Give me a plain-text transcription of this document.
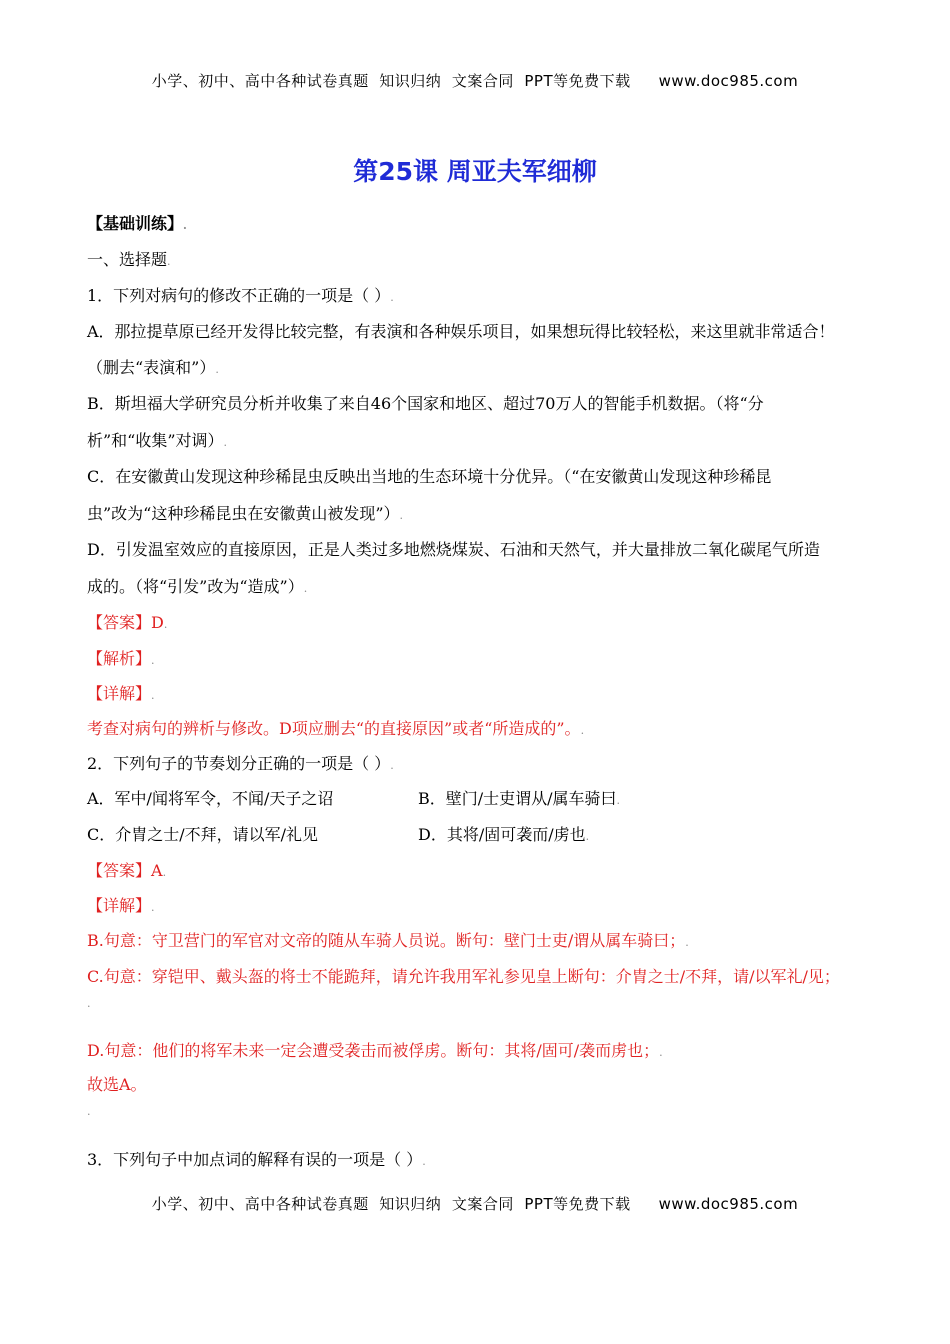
小学、初中、高中各种试卷真题  知识归纳  文案合同  PPT等免费下载 www.doc985.com
第25课 周亚夫军细柳
【基础训练】.
一、选择题.
1．下列对病句的修改不正确的一项是（ ）.
A．那拉提草原已经开发得比较完整，有表演和各种娱乐项目，如果想玩得比较轻松，来这里就非常适合！
（删去“表演和”）.
B．斯坦福大学研究员分析并收集了来自46个国家和地区、超过70万人的智能手机数据。（将“分
析”和“收集”对调）.
C．在安徽黄山发现这种珍稀昆虫反映出当地的生态环境十分优异。（“在安徽黄山发现这种珍稀昆
虫”改为“这种珍稀昆虫在安徽黄山被发现”）.
D．引发温室效应的直接原因，正是人类过多地燃烧煤炭、石油和天然气，并大量排放二氧化碳尾气所造
成的。（将“引发”改为“造成”）.
【答案】D.
【解析】.
【详解】.
考查对病句的辨析与修改。D项应删去“的直接原因”或者“所造成的”。.
2．下列句子的节奏划分正确的一项是（ ）.
A．军中/闻将军令，不闻/天子之诏	B．壁门/士吏谓从/属车骑曰.
C．介胄之士/不拜，请以军/礼见	D．其将/固可袭而/虏也.
【答案】A.
【详解】.
B.句意：守卫营门的军官对文帝的随从车骑人员说。断句：壁门士吏/谓从属车骑曰；.
C.句意：穿铠甲、戴头盔的将士不能跪拜，请允许我用军礼参见皇上断句：介胄之士/不拜，请/以军礼/见；
.
D.句意：他们的将军未来一定会遭受袭击而被俘虏。断句：其将/固可/袭而虏也；.
故选A。
.
3．下列句子中加点词的解释有误的一项是（ ）.
小学、初中、高中各种试卷真题  知识归纳  文案合同  PPT等免费下载 www.doc985.com
